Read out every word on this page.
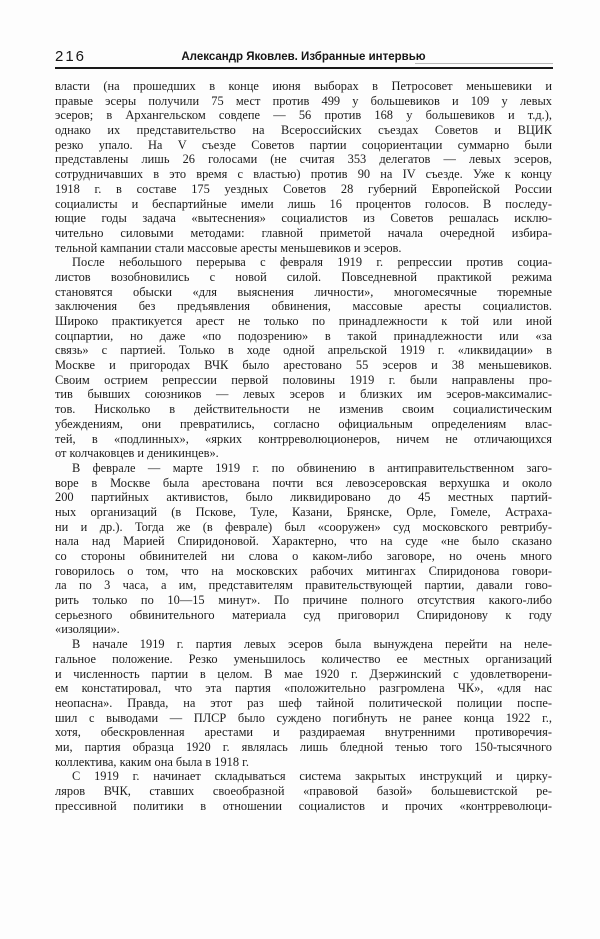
216	Александр Яковлев. Избранные интервью
власти (на прошедших в конце июня выборах в Петросовет меньшевики и
правые эсеры получили 75 мест против 499 у большевиков и 109 у левых
эсеров; в Архангельском совдепе — 56 против 168 у большевиков и т.д.),
однако их представительство на Всероссийских съездах Советов и ВЦИК
резко упало. На V съезде Советов партии соцориентации суммарно были
представлены лишь 26 голосами (не считая 353 делегатов — левых эсеров,
сотрудничавших в это время с властью) против 90 на IV съезде. Уже к концу
1918 г. в составе 175 уездных Советов 28 губерний Европейской России
социалисты и беспартийные имели лишь 16 процентов голосов. В последу-
ющие годы задача «вытеснения» социалистов из Советов решалась исклю-
чительно силовыми методами: главной приметой начала очередной избира-
тельной кампании стали массовые аресты меньшевиков и эсеров.
После небольшого перерыва с февраля 1919 г. репрессии против социа-
листов возобновились с новой силой. Повседневной практикой режима
становятся обыски «для выяснения личности», многомесячные тюремные
заключения без предъявления обвинения, массовые аресты социалистов.
Широко практикуется арест не только по принадлежности к той или иной
соцпартии, но даже «по подозрению» в такой принадлежности или «за
связь» с партией. Только в ходе одной апрельской 1919 г. «ликвидации» в
Москве и пригородах ВЧК было арестовано 55 эсеров и 38 меньшевиков.
Своим острием репрессии первой половины 1919 г. были направлены про-
тив бывших союзников — левых эсеров и близких им эсеров-максималис-
тов. Нисколько в действительности не изменив своим социалистическим
убеждениям, они превратились, согласно официальным определениям влас-
тей, в «подлинных», «ярких контрреволюционеров, ничем не отличающихся
от колчаковцев и деникинцев».
В феврале — марте 1919 г. по обвинению в антиправительственном заго-
воре в Москве была арестована почти вся левоэсеровская верхушка и около
200 партийных активистов, было ликвидировано до 45 местных партий-
ных организаций (в Пскове, Туле, Казани, Брянске, Орле, Гомеле, Астраха-
ни и др.). Тогда же (в феврале) был «сооружен» суд московского ревтрибу-
нала над Марией Спиридоновой. Характерно, что на суде «не было сказано
со стороны обвинителей ни слова о каком-либо заговоре, но очень много
говорилось о том, что на московских рабочих митингах Спиридонова говори-
ла по 3 часа, а им, представителям правительствующей партии, давали гово-
рить только по 10—15 минут». По причине полного отсутствия какого-либо
серьезного обвинительного материала суд приговорил Спиридонову к году
«изоляции».
В начале 1919 г. партия левых эсеров была вынуждена перейти на неле-
гальное положение. Резко уменьшилось количество ее местных организаций
и численность партии в целом. В мае 1920 г. Дзержинский с удовлетворени-
ем констатировал, что эта партия «положительно разгромлена ЧК», «для нас
неопасна». Правда, на этот раз шеф тайной политической полиции поспе-
шил с выводами — ПЛСР было суждено погибнуть не ранее конца 1922 г.,
хотя, обескровленная арестами и раздираемая внутренними противоречия-
ми, партия образца 1920 г. являлась лишь бледной тенью того 150-тысячного
коллектива, каким она была в 1918 г.
С 1919 г. начинает складываться система закрытых инструкций и цирку-
ляров ВЧК, ставших своеобразной «правовой базой» большевистской ре-
прессивной политики в отношении социалистов и прочих «контрреволюци-
